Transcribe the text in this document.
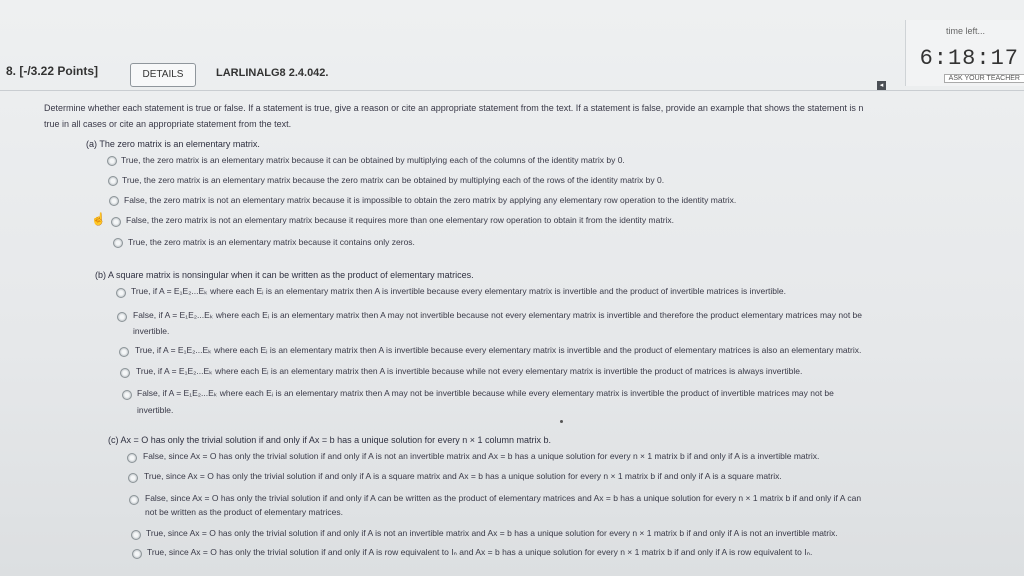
time left...
6:18:17
ASK YOUR TEACHER
◂
8. [-/3.22 Points]	DETAILS	LARLINALG8 2.4.042.
Determine whether each statement is true or false. If a statement is true, give a reason or cite an appropriate statement from the text. If a statement is false, provide an example that shows the statement is n
true in all cases or cite an appropriate statement from the text.
(a) The zero matrix is an elementary matrix.
True, the zero matrix is an elementary matrix because it can be obtained by multiplying each of the columns of the identity matrix by 0.
True, the zero matrix is an elementary matrix because the zero matrix can be obtained by multiplying each of the rows of the identity matrix by 0.
False, the zero matrix is not an elementary matrix because it is impossible to obtain the zero matrix by applying any elementary row operation to the identity matrix.
☝ False, the zero matrix is not an elementary matrix because it requires more than one elementary row operation to obtain it from the identity matrix.
True, the zero matrix is an elementary matrix because it contains only zeros.
(b) A square matrix is nonsingular when it can be written as the product of elementary matrices.
True, if A = E₁E₂...Eₖ where each Eᵢ is an elementary matrix then A is invertible because every elementary matrix is invertible and the product of invertible matrices is invertible.
False, if A = E₁E₂...Eₖ where each Eᵢ is an elementary matrix then A may not invertible because not every elementary matrix is invertible and therefore the product elementary matrices may not be
invertible.
True, if A = E₁E₂...Eₖ where each Eᵢ is an elementary matrix then A is invertible because every elementary matrix is invertible and the product of elementary matrices is also an elementary matrix.
True, if A = E₁E₂...Eₖ where each Eᵢ is an elementary matrix then A is invertible because while not every elementary matrix is invertible the product of matrices is always invertible.
False, if A = E₁E₂...Eₖ where each Eᵢ is an elementary matrix then A may not be invertible because while every elementary matrix is invertible the product of invertible matrices may not be
invertible.
(c) Ax = O has only the trivial solution if and only if Ax = b has a unique solution for every n × 1 column matrix b.
False, since Ax = O has only the trivial solution if and only if A is not an invertible matrix and Ax = b has a unique solution for every n × 1 matrix b if and only if A is a invertible matrix.
True, since Ax = O has only the trivial solution if and only if A is a square matrix and Ax = b has a unique solution for every n × 1 matrix b if and only if A is a square matrix.
False, since Ax = O has only the trivial solution if and only if A can be written as the product of elementary matrices and Ax = b has a unique solution for every n × 1 matrix b if and only if A can
not be written as the product of elementary matrices.
True, since Ax = O has only the trivial solution if and only if A is not an invertible matrix and Ax = b has a unique solution for every n × 1 matrix b if and only if A is not an invertible matrix.
True, since Ax = O has only the trivial solution if and only if A is row equivalent to Iₙ and Ax = b has a unique solution for every n × 1 matrix b if and only if A is row equivalent to Iₙ.
